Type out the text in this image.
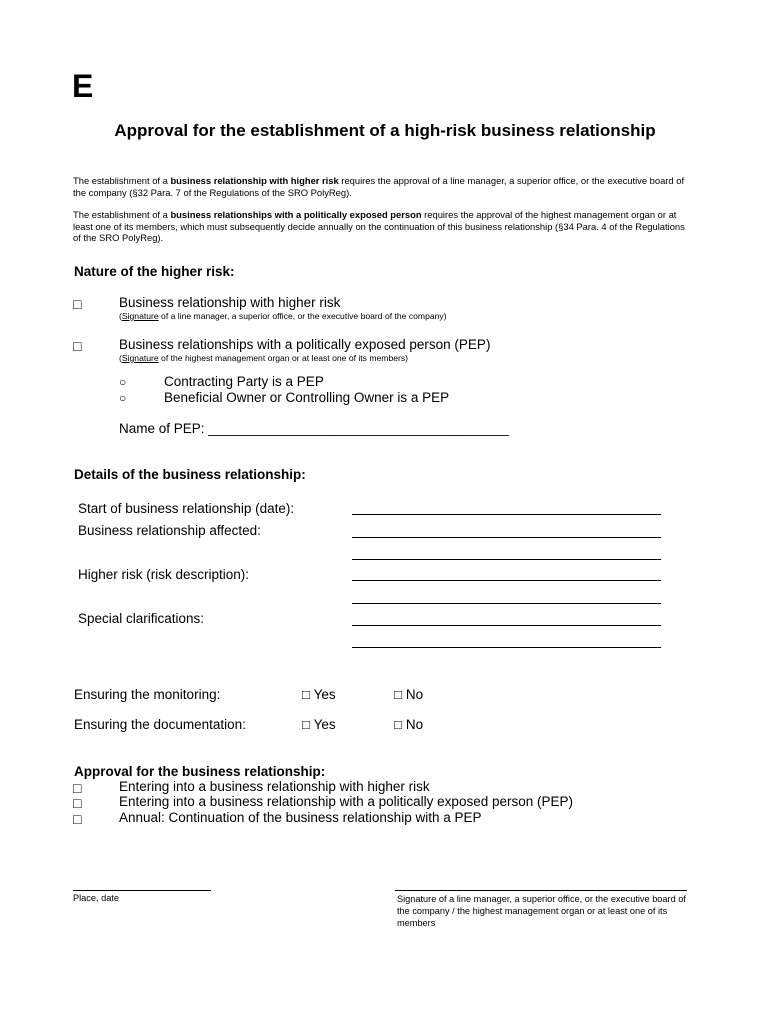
E
Approval for the establishment of a high-risk business relationship
The establishment of a business relationship with higher risk requires the approval of a line manager, a superior office, or the executive board of the company (§32 Para. 7 of the Regulations of the SRO PolyReg).
The establishment of a business relationships with a politically exposed person requires the approval of the highest management organ or at least one of its members, which must subsequently decide annually on the continuation of this business relationship (§34 Para. 4 of the Regulations of the SRO PolyReg).
Nature of the higher risk:
□	Business relationship with higher risk
(Signature of a line manager, a superior office, or the executive board of the company)
□	Business relationships with a politically exposed person (PEP)
(Signature of the highest management organ or at least one of its members)
○	Contracting Party is a PEP
○	Beneficial Owner or Controlling Owner is a PEP
Name of PEP: ________________________________________
Details of the business relationship:
Start of business relationship (date):
Business relationship affected:
Higher risk (risk description):
Special clarifications:
Ensuring the monitoring:	□ Yes	□ No
Ensuring the documentation:	□ Yes	□ No
Approval for the business relationship:
□	Entering into a business relationship with higher risk
□	Entering into a business relationship with a politically exposed person (PEP)
□	Annual: Continuation of the business relationship with a PEP
Place, date	Signature of a line manager, a superior office, or the executive board of the company / the highest management organ or at least one of its members
